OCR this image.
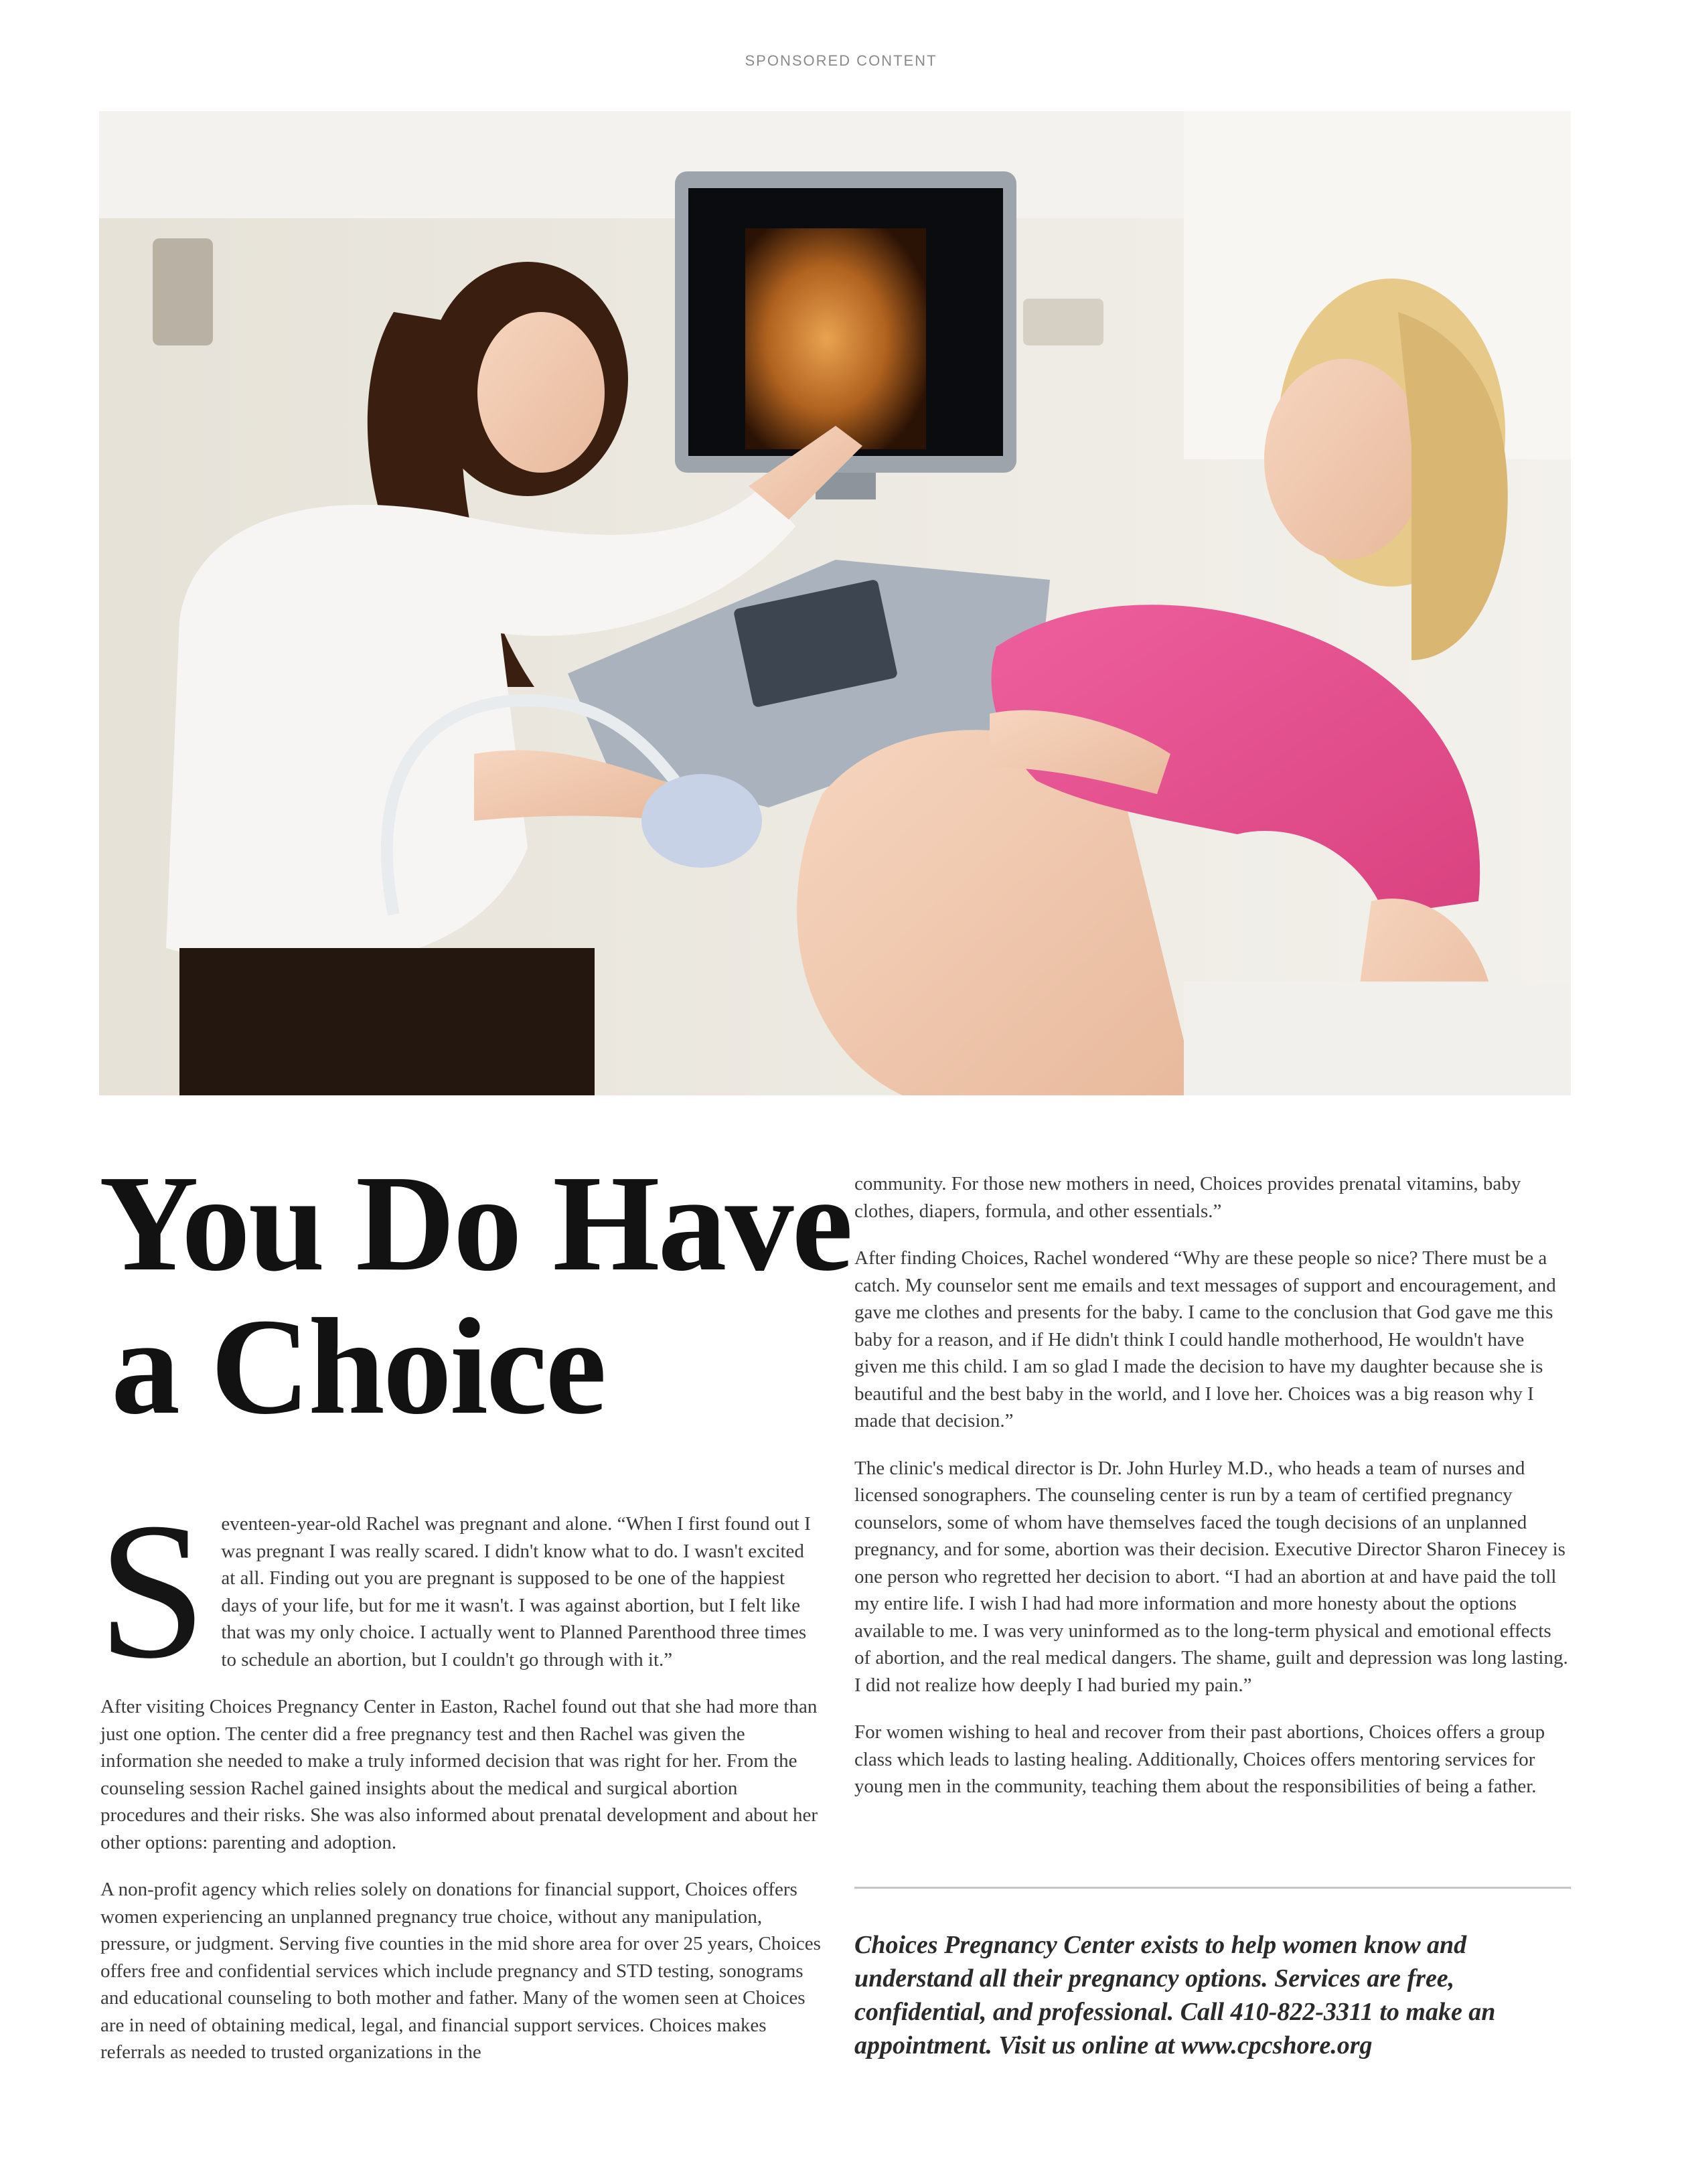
SPONSORED CONTENT
You Do Have
a Choice

Seventeen-year-old Rachel was pregnant and alone. “When I first found out I was pregnant I was really scared. I didn't know what to do. I wasn't excited at all. Finding out you are pregnant is supposed to be one of the happiest days of your life, but for me it wasn't. I was against abortion, but I felt like that was my only choice. I actually went to Planned Parenthood three times to schedule an abortion, but I couldn't go through with it.”

After visiting Choices Pregnancy Center in Easton, Rachel found out that she had more than just one option. The center did a free pregnancy test and then Rachel was given the information she needed to make a truly informed decision that was right for her. From the counseling session Rachel gained insights about the medical and surgical abortion procedures and their risks. She was also informed about prenatal development and about her other options: parenting and adoption.

A non-profit agency which relies solely on donations for financial support, Choices offers women experiencing an unplanned pregnancy true choice, without any manipulation, pressure, or judgment. Serving five counties in the mid shore area for over 25 years, Choices offers free and confidential services which include pregnancy and STD testing, sonograms and educational counseling to both mother and father. Many of the women seen at Choices are in need of obtaining medical, legal, and financial support services. Choices makes referrals as needed to trusted organizations in the

community. For those new mothers in need, Choices provides prenatal vitamins, baby clothes, diapers, formula, and other essentials.”

After finding Choices, Rachel wondered “Why are these people so nice? There must be a catch. My counselor sent me emails and text messages of support and encouragement, and gave me clothes and presents for the baby. I came to the conclusion that God gave me this baby for a reason, and if He didn't think I could handle motherhood, He wouldn't have given me this child. I am so glad I made the decision to have my daughter because she is beautiful and the best baby in the world, and I love her. Choices was a big reason why I made that decision.”

The clinic's medical director is Dr. John Hurley M.D., who heads a team of nurses and licensed sonographers. The counseling center is run by a team of certified pregnancy counselors, some of whom have themselves faced the tough decisions of an unplanned pregnancy, and for some, abortion was their decision. Executive Director Sharon Finecey is one person who regretted her decision to abort. “I had an abortion at and have paid the toll my entire life. I wish I had had more information and more honesty about the options available to me. I was very uninformed as to the long-term physical and emotional effects of abortion, and the real medical dangers. The shame, guilt and depression was long lasting. I did not realize how deeply I had buried my pain.”

For women wishing to heal and recover from their past abortions, Choices offers a group class which leads to lasting healing. Additionally, Choices offers mentoring services for young men in the community, teaching them about the responsibilities of being a father.

Choices Pregnancy Center exists to help women know and understand all their pregnancy options. Services are free, confidential, and professional. Call 410-822-3311 to make an appointment. Visit us online at www.cpcshore.org
